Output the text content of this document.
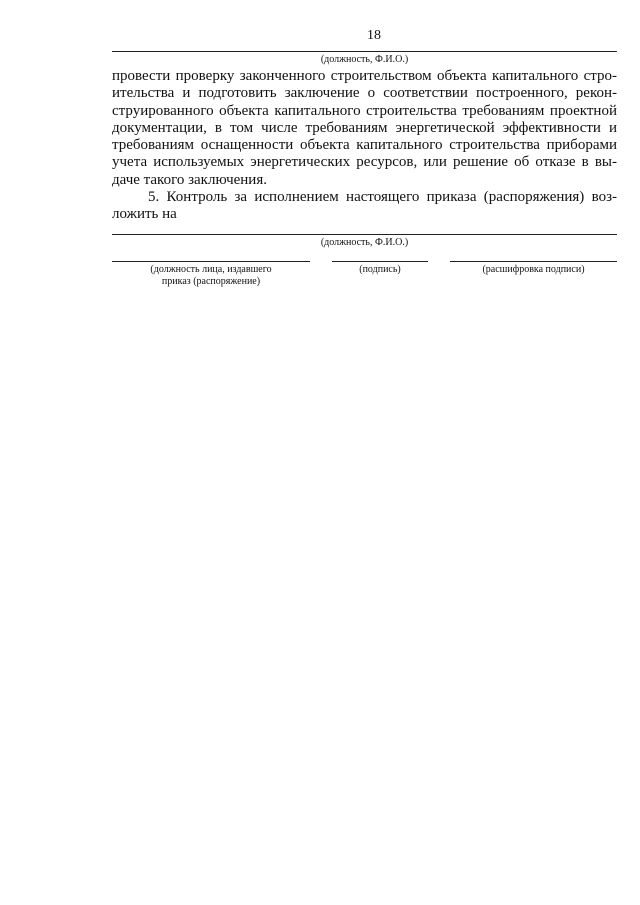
18
(должность, Ф.И.О.)

провести проверку законченного строительством объекта капитального стро-

ительства и подготовить заключение о соответствии построенного, рекон-

струированного объекта капитального строительства требованиям проектной

документации, в том числе требованиям энергетической эффективности и

требованиям оснащенности объекта капитального строительства приборами

учета используемых энергетических ресурсов, или решение об отказе в вы-

даче такого заключения.

5. Контроль за исполнением настоящего приказа (распоряжения) воз-

ложить на

(должность, Ф.И.О.)
(должность лица, издавшего
приказ (распоряжение)
(подпись)	(расшифровка подписи)
